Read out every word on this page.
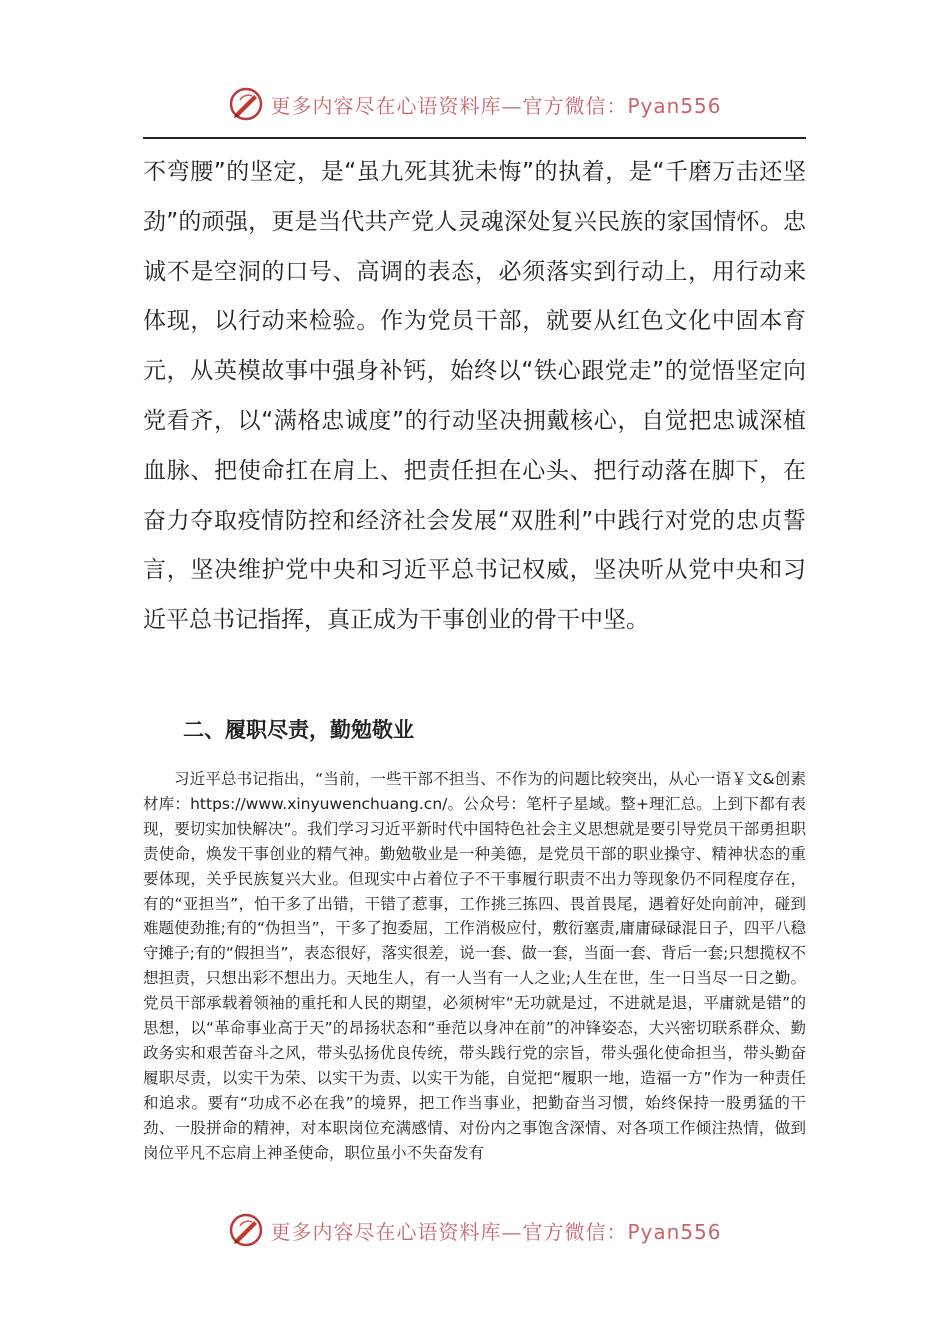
更多内容尽在心语资料库—官方微信：Pyan556

不弯腰”的坚定，是“虽九死其犹未悔”的执着，是“千磨万击还坚劲”的顽强，更是当代共产党人灵魂深处复兴民族的家国情怀。忠诚不是空洞的口号、高调的表态，必须落实到行动上，用行动来体现，以行动来检验。作为党员干部，就要从红色文化中固本育元，从英模故事中强身补钙，始终以“铁心跟党走”的觉悟坚定向党看齐，以“满格忠诚度”的行动坚决拥戴核心，自觉把忠诚深植血脉、把使命扛在肩上、把责任担在心头、把行动落在脚下，在奋力夺取疫情防控和经济社会发展“双胜利”中践行对党的忠贞誓言，坚决维护党中央和习近平总书记权威，坚决听从党中央和习近平总书记指挥，真正成为干事创业的骨干中坚。

二、履职尽责，勤勉敬业

习近平总书记指出，“当前，一些干部不担当、不作为的问题比较突出，从心一语￥文&创素材库：https://www.xinyuwenchuang.cn/。公众号：笔杆子星域。整+理汇总。上到下都有表现，要切实加快解决”。我们学习习近平新时代中国特色社会主义思想就是要引导党员干部勇担职责使命，焕发干事创业的精气神。勤勉敬业是一种美德，是党员干部的职业操守、精神状态的重要体现，关乎民族复兴大业。但现实中占着位子不干事履行职责不出力等现象仍不同程度存在，有的“亚担当”，怕干多了出错，干错了惹事，工作挑三拣四、畏首畏尾，遇着好处向前冲，碰到难题使劲推;有的“伪担当”，干多了抱委屈，工作消极应付，敷衍塞责,庸庸碌碌混日子，四平八稳守摊子;有的“假担当”，表态很好，落实很差，说一套、做一套，当面一套、背后一套;只想揽权不想担责，只想出彩不想出力。天地生人，有一人当有一人之业;人生在世，生一日当尽一日之勤。党员干部承载着领袖的重托和人民的期望，必须树牢“无功就是过，不进就是退，平庸就是错”的思想，以“革命事业高于天”的昂扬状态和“垂范以身冲在前”的冲锋姿态，大兴密切联系群众、勤政务实和艰苦奋斗之风，带头弘扬优良传统，带头践行党的宗旨，带头强化使命担当，带头勤奋履职尽责，以实干为荣、以实干为责、以实干为能，自觉把“履职一地，造福一方”作为一种责任和追求。要有“功成不必在我”的境界，把工作当事业，把勤奋当习惯，始终保持一股勇猛的干劲、一股拼命的精神，对本职岗位充满感情、对份内之事饱含深情、对各项工作倾注热情，做到岗位平凡不忘肩上神圣使命，职位虽小不失奋发有

更多内容尽在心语资料库—官方微信：Pyan556
